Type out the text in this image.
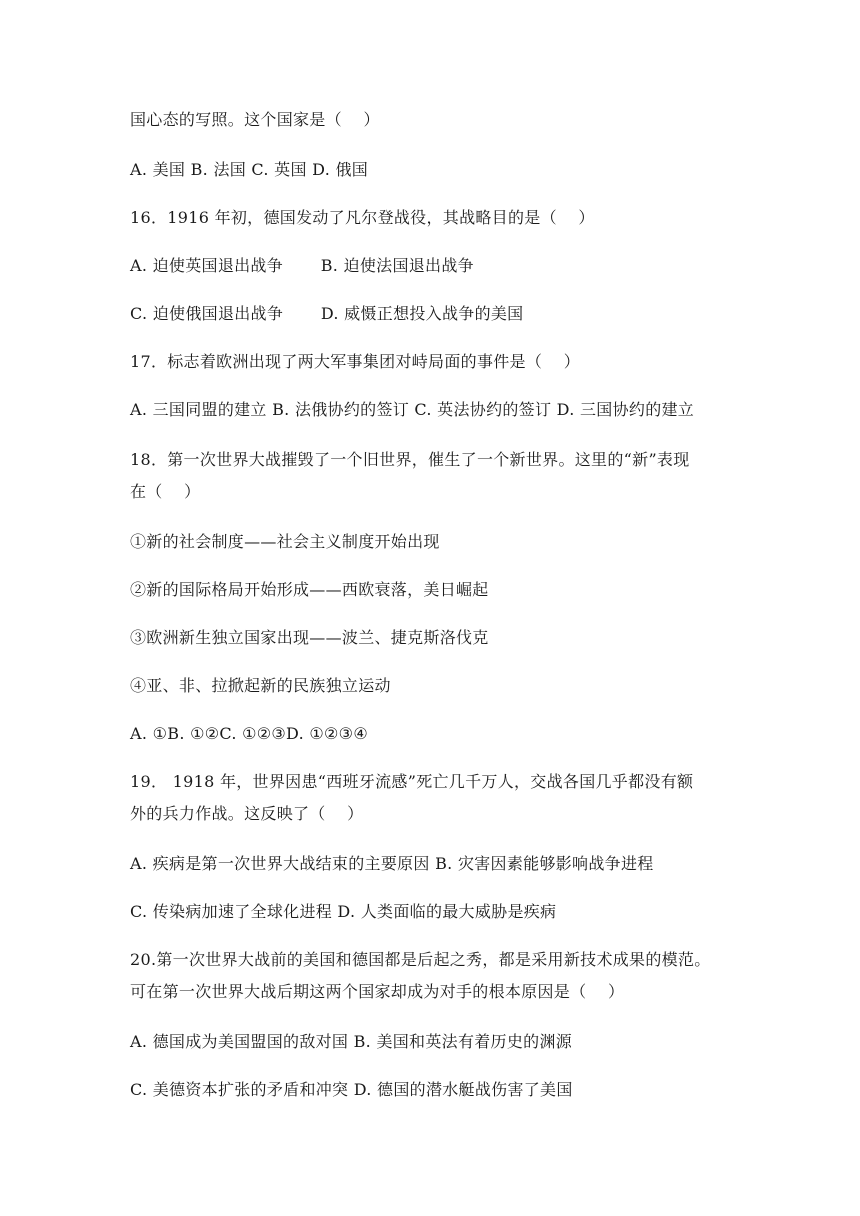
国心态的写照。这个国家是（    ）
A. 美国 B. 法国 C. 英国 D. 俄国
16．1916 年初，德国发动了凡尔登战役，其战略目的是（    ）
A. 迫使英国退出战争       B. 迫使法国退出战争
C. 迫使俄国退出战争       D. 威慑正想投入战争的美国
17．标志着欧洲出现了两大军事集团对峙局面的事件是（    ）
A. 三国同盟的建立 B. 法俄协约的签订 C. 英法协约的签订 D. 三国协约的建立
18．第一次世界大战摧毁了一个旧世界，催生了一个新世界。这里的“新”表现
在（    ）
①新的社会制度——社会主义制度开始出现
②新的国际格局开始形成——西欧衰落，美日崛起
③欧洲新生独立国家出现——波兰、捷克斯洛伐克
④亚、非、拉掀起新的民族独立运动
A. ①B. ①②C. ①②③D. ①②③④
19． 1918 年，世界因患“西班牙流感”死亡几千万人，交战各国几乎都没有额
外的兵力作战。这反映了（    ）
A. 疾病是第一次世界大战结束的主要原因 B. 灾害因素能够影响战争进程
C. 传染病加速了全球化进程 D. 人类面临的最大威胁是疾病
20.第一次世界大战前的美国和德国都是后起之秀，都是采用新技术成果的模范。
可在第一次世界大战后期这两个国家却成为对手的根本原因是（    ）
A. 德国成为美国盟国的敌对国 B. 美国和英法有着历史的渊源
C. 美德资本扩张的矛盾和冲突 D. 德国的潜水艇战伤害了美国
